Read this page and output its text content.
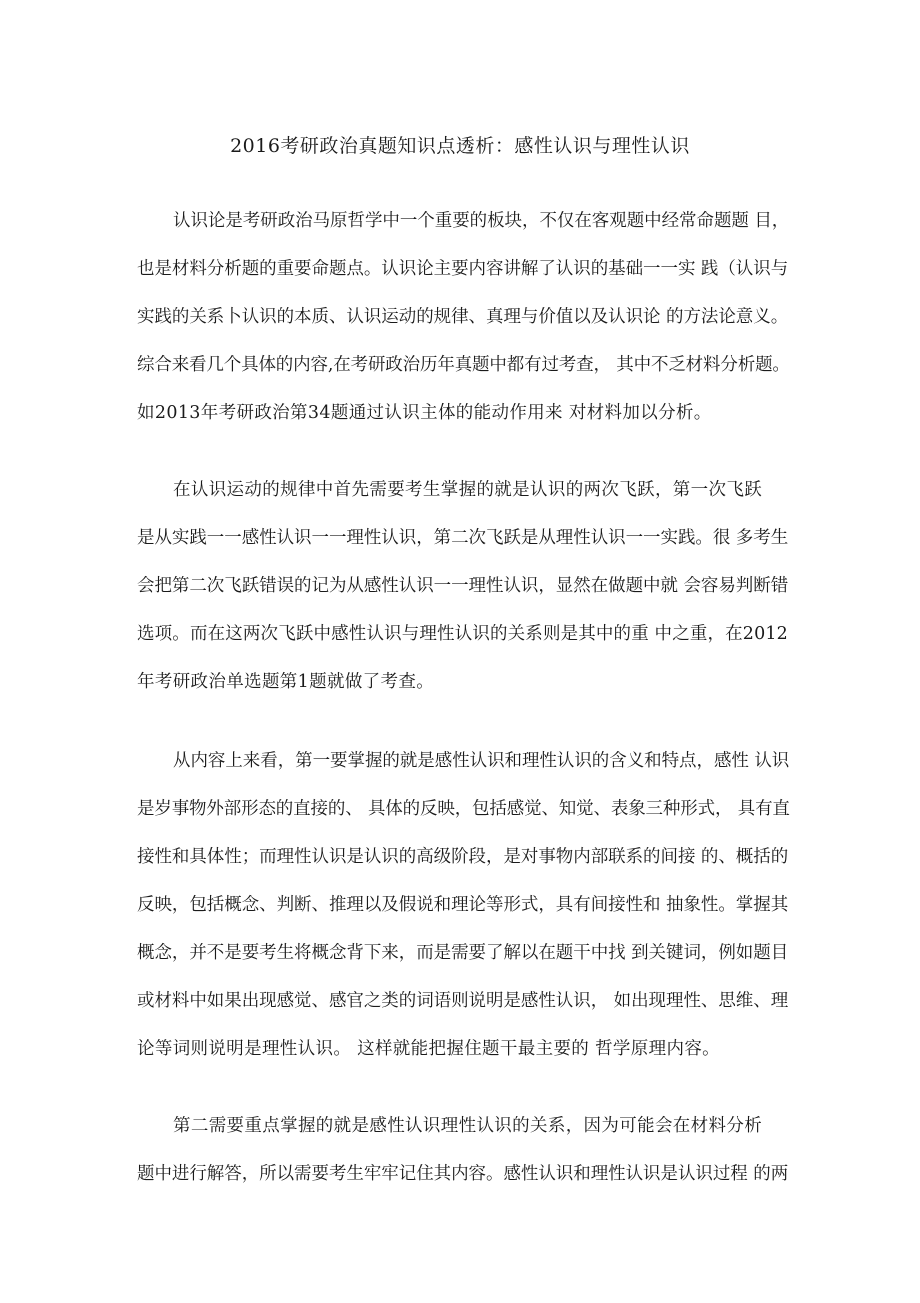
2016考研政治真题知识点透析：感性认识与理性认识

认识论是考研政治马原哲学中一个重要的板块，不仅在客观题中经常命题题 目，

也是材料分析题的重要命题点。认识论主要内容讲解了认识的基础一一实 践（认识与

实践的关系卜认识的本质、认识运动的规律、真理与价值以及认识论 的方法论意义。

综合来看几个具体的内容,在考研政治历年真题中都有过考查， 其中不乏材料分析题。

如2013年考研政治第34题通过认识主体的能动作用来 对材料加以分析。

在认识运动的规律中首先需要考生掌握的就是认识的两次飞跃，第一次飞跃

是从实践一一感性认识一一理性认识，第二次飞跃是从理性认识一一实践。很 多考生

会把第二次飞跃错误的记为从感性认识一一理性认识，显然在做题中就 会容易判断错

选项。而在这两次飞跃中感性认识与理性认识的关系则是其中的重 中之重，在2012

年考研政治单选题第1题就做了考查。

从内容上来看，第一要掌握的就是感性认识和理性认识的含义和特点，感性 认识

是岁事物外部形态的直接的、 具体的反映，包括感觉、知觉、表象三种形式， 具有直

接性和具体性；而理性认识是认识的高级阶段，是对事物内部联系的间接 的、概括的

反映，包括概念、判断、推理以及假说和理论等形式，具有间接性和 抽象性。掌握其

概念，并不是要考生将概念背下来，而是需要了解以在题干中找 到关键词，例如题目

或材料中如果出现感觉、感官之类的词语则说明是感性认识， 如出现理性、思维、理

论等词则说明是理性认识。 这样就能把握住题干最主要的 哲学原理内容。

第二需要重点掌握的就是感性认识理性认识的关系，因为可能会在材料分析

题中进行解答，所以需要考生牢牢记住其内容。感性认识和理性认识是认识过程 的两
